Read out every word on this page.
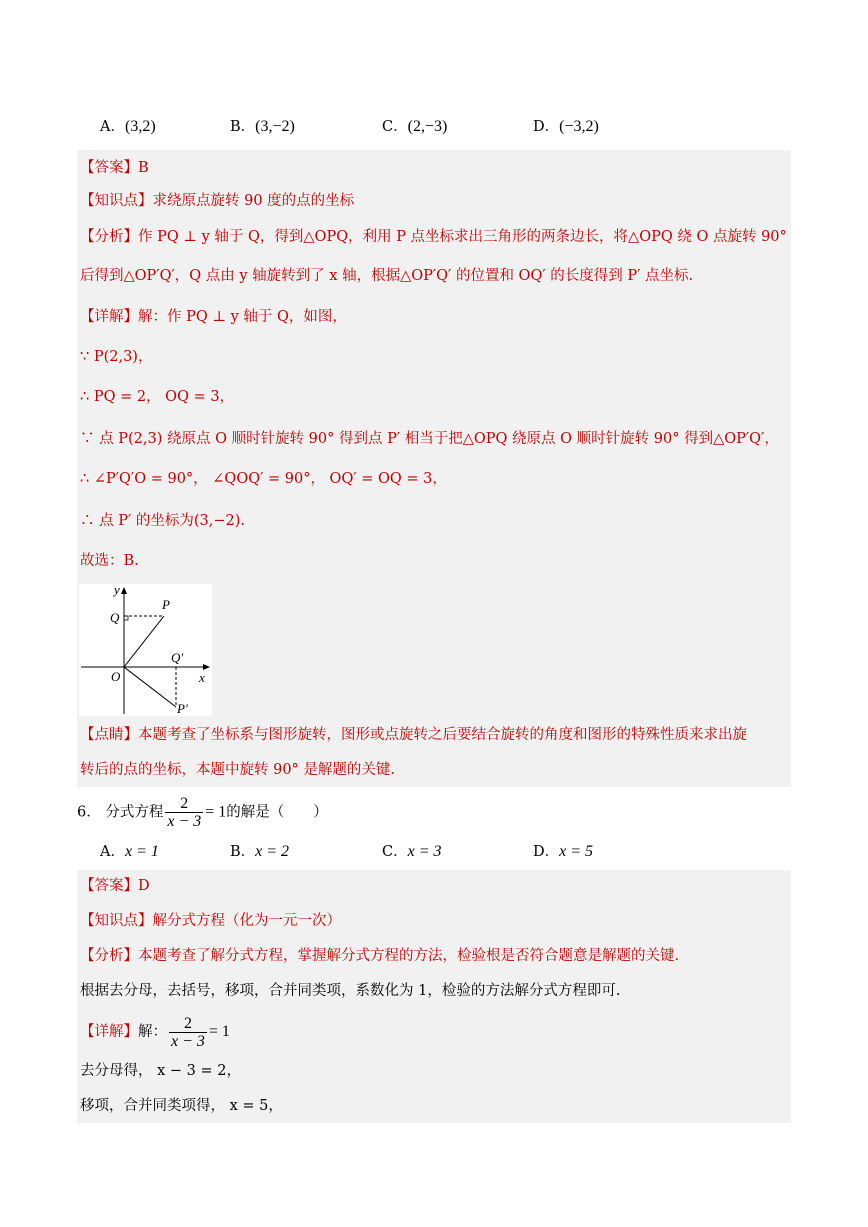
A．(3,2)	B．(3,−2)	C．(2,−3)	D．(−3,2)
【答案】B
【知识点】求绕原点旋转 90 度的点的坐标
【分析】作 PQ ⊥ y 轴于 Q，得到△OPQ，利用 P 点坐标求出三角形的两条边长，将△OPQ 绕 O 点旋转 90°
后得到△OP′Q′，Q 点由 y 轴旋转到了 x 轴，根据△OP′Q′ 的位置和 OQ′ 的长度得到 P′ 点坐标.
【详解】解：作 PQ ⊥ y 轴于 Q，如图，
∵ P(2,3)，
∴ PQ = 2， OQ = 3，
∵ 点 P(2,3) 绕原点 O 顺时针旋转 90° 得到点 P′ 相当于把△OPQ 绕原点 O 顺时针旋转 90° 得到△OP′Q′，
∴ ∠P′Q′O = 90°， ∠QOQ′ = 90°， OQ′ = OQ = 3，
∴ 点 P′ 的坐标为(3,−2).
故选：B.
【点睛】本题考查了坐标系与图形旋转，图形或点旋转之后要结合旋转的角度和图形的特殊性质来求出旋
转后的点的坐标，本题中旋转 90° 是解题的关键.
y
x
O
Q
P
Q′
P′
6． 分式方程 $\frac{2}{x - 3} = 1$的解是（　　）
A．x = 1	B．x = 2	C．x = 3	D．x = 5
【答案】D
【知识点】解分式方程（化为一元一次）
【分析】本题考查了解分式方程，掌握解分式方程的方法，检验根是否符合题意是解题的关键.
根据去分母，去括号，移项，合并同类项，系数化为 1，检验的方法解分式方程即可.
【详解】解： $\frac{2}{x - 3} = 1$
去分母得， x − 3 = 2，
移项，合并同类项得， x = 5，
